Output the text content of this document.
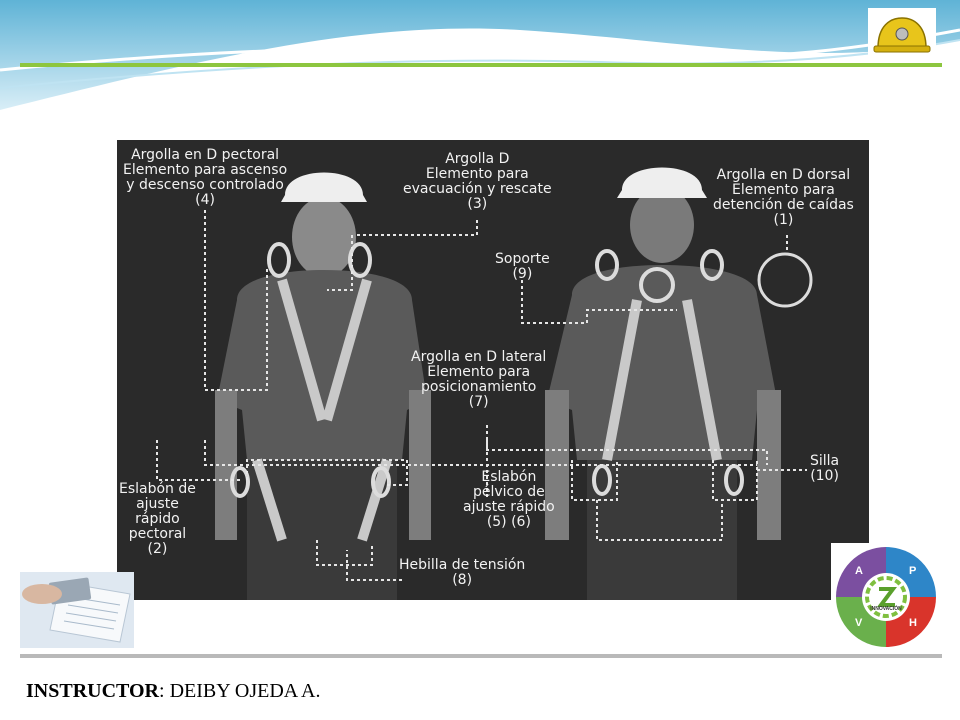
Argolla en D pectoral
Elemento para ascenso
y descenso controlado
(4)
Argolla D
Elemento para
evacuación y rescate
(3)
Argolla en D dorsal
Elemento para
detención de caídas
(1)
Soporte
(9)
Argolla en D lateral
Elemento para
posicionamiento
(7)
Eslabón de
ajuste
rápido
pectoral
(2)
Eslabón
pélvico de
ajuste rápido
(5) (6)
Silla
(10)
Hebilla de tensión
(8)
A	P
V	H
INNOVACIÓN
INSTRUCTOR: DEIBY OJEDA A.
